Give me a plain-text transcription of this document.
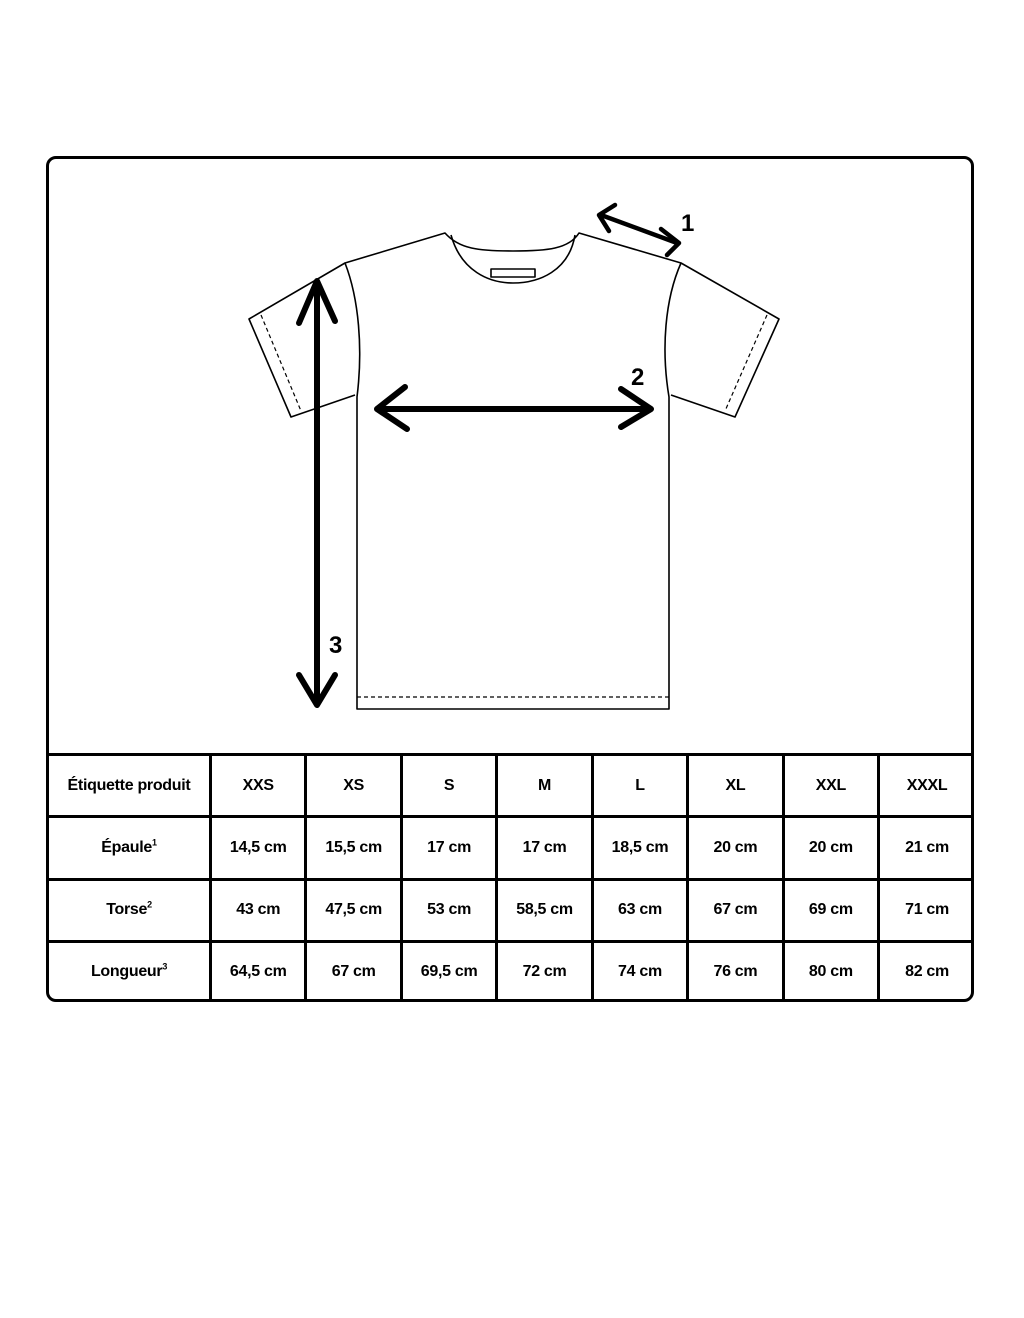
1
2
3
Étiquette produit	XXS	XS	S	M	L	XL	XXL	XXXL
Épaule$^1$	14,5 cm	15,5 cm	17 cm	17 cm	18,5 cm	20 cm	20 cm	21 cm
Torse$^2$	43 cm	47,5 cm	53 cm	58,5 cm	63 cm	67 cm	69 cm	71 cm
Longueur$^3$	64,5 cm	67 cm	69,5 cm	72 cm	74 cm	76 cm	80 cm	82 cm
